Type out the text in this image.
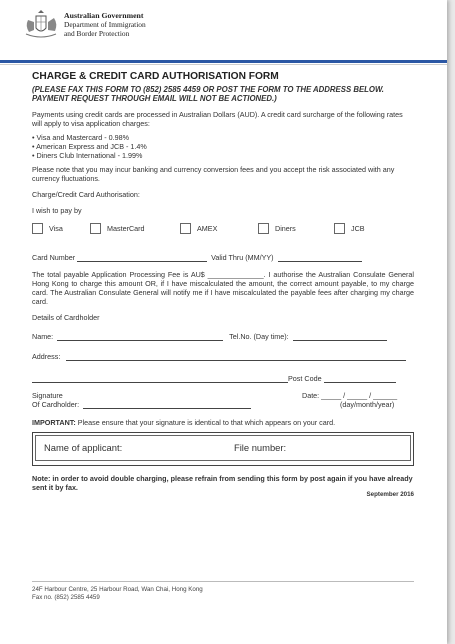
Australian Government
Department of Immigration
and Border Protection
CHARGE & CREDIT CARD AUTHORISATION FORM
(PLEASE FAX THIS FORM TO (852) 2585 4459 OR POST THE FORM TO THE ADDRESS BELOW. PAYMENT REQUEST THROUGH EMAIL WILL NOT BE ACTIONED.)
Payments using credit cards are processed in Australian Dollars (AUD). A credit card surcharge of the following rates will apply to visa application charges:
• Visa and Mastercard - 0.98%
• American Express and JCB - 1.4%
• Diners Club International - 1.99%
Please note that you may incur banking and currency conversion fees and you accept the risk associated with any currency fluctuations.
Charge/Credit Card Authorisation:
I wish to pay by
Visa	MasterCard	AMEX	Diners	JCB
Card Number	Valid Thru (MM/YY)
The total payable Application Processing Fee is AU$ ______________. I authorise the Australian Consulate General Hong Kong to charge this amount OR, if I have miscalculated the amount, the correct amount payable, to my charge card. The Australian Consulate General will notify me if I have miscalculated the payable fees after charging my charge card.
Details of Cardholder
Name:	Tel.No. (Day time):
Address:
Post Code
Signature
Of Cardholder:
Date: _____ / _____ / ______
(day/month/year)
IMPORTANT: Please ensure that your signature is identical to that which appears on your card.
Name of applicant:	File number:
Note: in order to avoid double charging, please refrain from sending this form by post again if you have already sent it by fax.
September 2016
24F Harbour Centre, 25 Harbour Road, Wan Chai, Hong Kong
Fax no. (852) 2585 4459
